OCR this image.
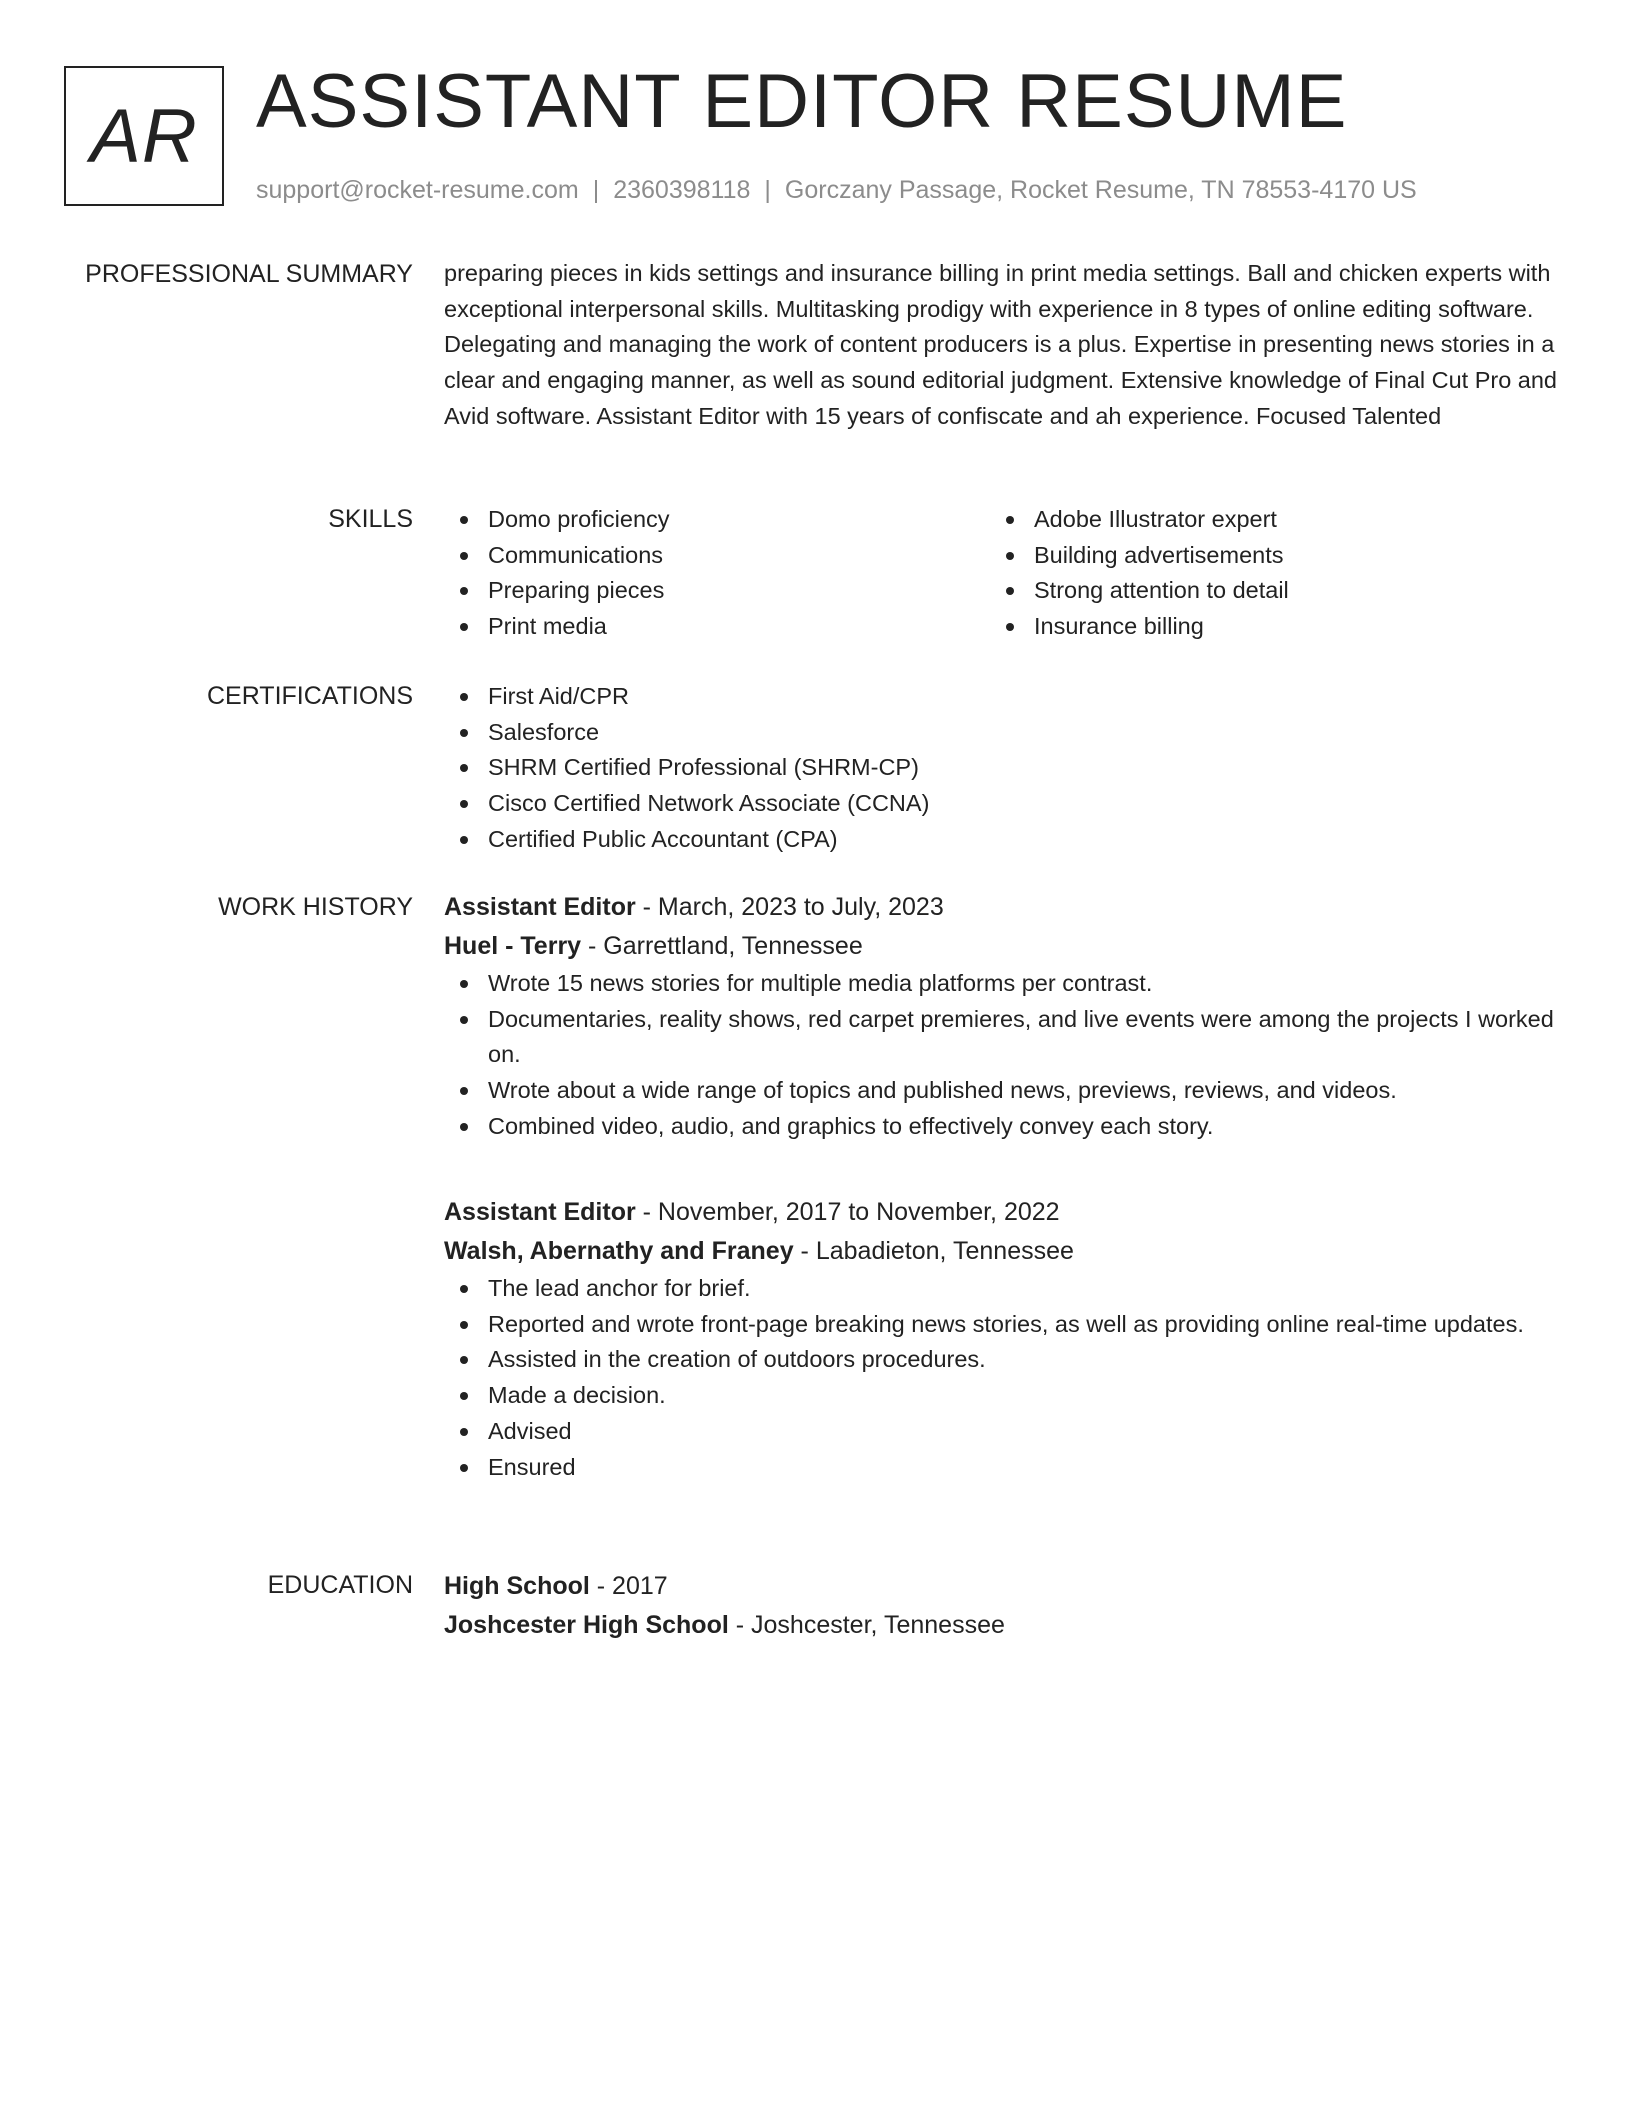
AR ASSISTANT EDITOR RESUME
support@rocket-resume.com | 2360398118 | Gorczany Passage, Rocket Resume, TN 78553-4170 US
PROFESSIONAL SUMMARY preparing pieces in kids settings and insurance billing in print media settings. Ball and chicken experts with exceptional interpersonal skills. Multitasking prodigy with experience in 8 types of online editing software. Delegating and managing the work of content producers is a plus. Expertise in presenting news stories in a clear and engaging manner, as well as sound editorial judgment. Extensive knowledge of Final Cut Pro and Avid software. Assistant Editor with 15 years of confiscate and ah experience. Focused Talented

SKILLS	Domo proficiency
Communications
Preparing pieces
Print media
Adobe Illustrator expert
Building advertisements
Strong attention to detail
Insurance billing
CERTIFICATIONS	First Aid/CPR
Salesforce
SHRM Certified Professional (SHRM-CP)
Cisco Certified Network Associate (CCNA)
Certified Public Accountant (CPA)
WORK HISTORY Assistant Editor - March, 2023 to July, 2023
Huel - Terry - Garrettland, Tennessee
Wrote 15 news stories for multiple media platforms per contrast.
Documentaries, reality shows, red carpet premieres, and live events were among the projects I worked on.
Wrote about a wide range of topics and published news, previews, reviews, and videos.
Combined video, audio, and graphics to effectively convey each story.
Assistant Editor - November, 2017 to November, 2022
Walsh, Abernathy and Franey - Labadieton, Tennessee
The lead anchor for brief.
Reported and wrote front-page breaking news stories, as well as providing online real-time updates.
Assisted in the creation of outdoors procedures.
Made a decision.
Advised
Ensured
EDUCATION High School - 2017
Joshcester High School - Joshcester, Tennessee
